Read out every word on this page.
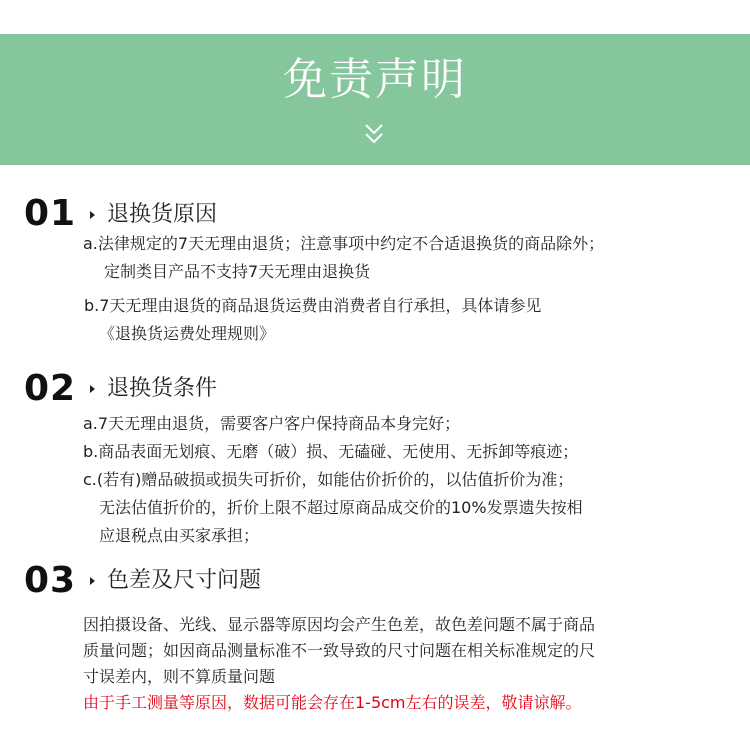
免责声明
01 退换货原因
a.法律规定的7天无理由退货；注意事项中约定不合适退换货的商品除外；
定制类目产品不支持7天无理由退换货
b.7天无理由退货的商品退货运费由消费者自行承担，具体请参见
《退换货运费处理规则》
02 退换货条件
a.7天无理由退货，需要客户客户保持商品本身完好；
b.商品表面无划痕、无磨（破）损、无磕碰、无使用、无拆卸等痕迹；
c.(若有)赠品破损或损失可折价，如能估价折价的，以估值折价为准；
无法估值折价的，折价上限不超过原商品成交价的10%发票遗失按相
应退税点由买家承担；
03 色差及尺寸问题
因拍摄设备、光线、显示器等原因均会产生色差，故色差问题不属于商品
质量问题；如因商品测量标准不一致导致的尺寸问题在相关标准规定的尺
寸误差内，则不算质量问题
由于手工测量等原因，数据可能会存在1-5cm左右的误差，敬请谅解。
